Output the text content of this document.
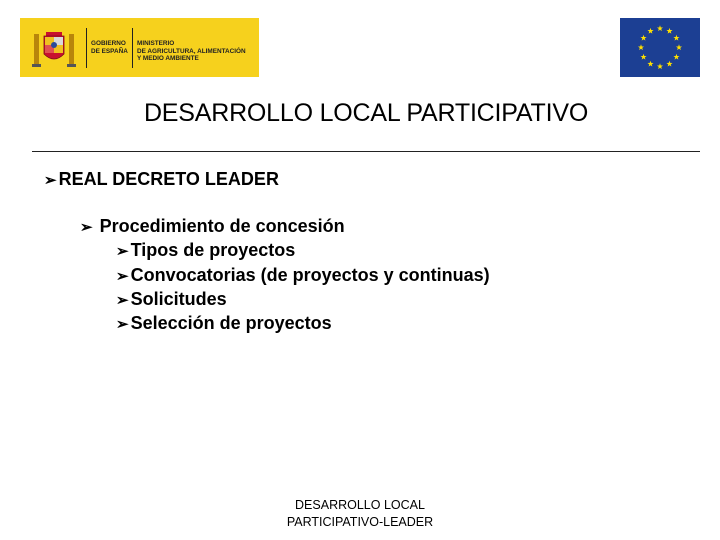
GOBIERNO
DE ESPAÑA
MINISTERIO
DE AGRICULTURA, ALIMENTACIÓN
Y MEDIO AMBIENTE
DESARROLLO LOCAL PARTICIPATIVO
➢ REAL DECRETO LEADER
➢ Procedimiento de concesión
➢ Tipos de proyectos
➢ Convocatorias (de proyectos y continuas)
➢ Solicitudes
➢ Selección de proyectos
DESARROLLO LOCAL
PARTICIPATIVO-LEADER
